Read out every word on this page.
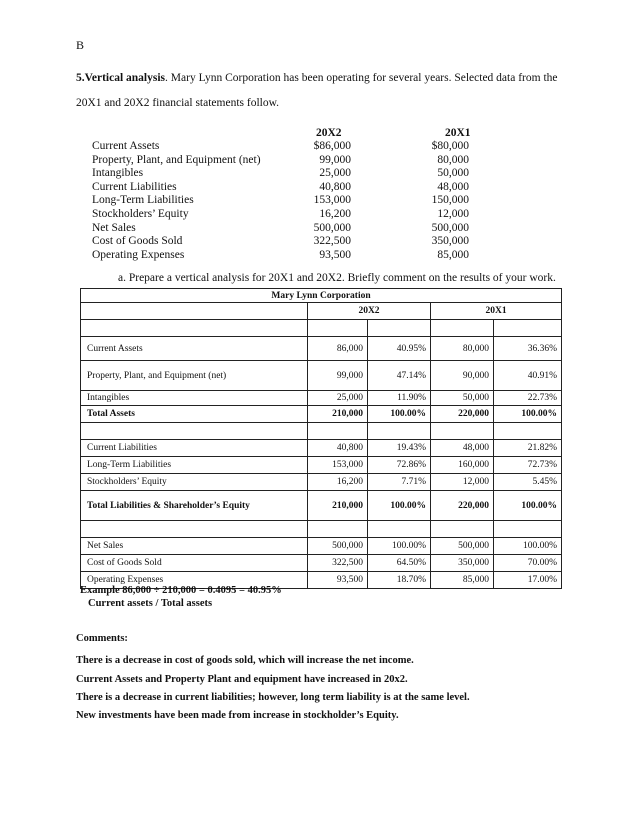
B
5.Vertical analysis. Mary Lynn Corporation has been operating for several years. Selected data from the
20X1 and 20X2 financial statements follow.
20X2	20X1
Current Assets	$86,000	$80,000
Property, Plant, and Equipment (net)	99,000	80,000
Intangibles	25,000	50,000
Current Liabilities	40,800	48,000
Long-Term Liabilities	153,000	150,000
Stockholders’ Equity	16,200	12,000
Net Sales	500,000	500,000
Cost of Goods Sold	322,500	350,000
Operating Expenses	93,500	85,000
a. Prepare a vertical analysis for 20X1 and 20X2. Briefly comment on the results of your work.
Mary Lynn Corporation				
	20X2		20X1	

Current Assets	86,000	40.95%	80,000	36.36%
Property, Plant, and Equipment (net)	99,000	47.14%	90,000	40.91%
Intangibles	25,000	11.90%	50,000	22.73%
Total Assets	210,000	100.00%	220,000	100.00%

Current Liabilities	40,800	19.43%	48,000	21.82%
Long-Term Liabilities	153,000	72.86%	160,000	72.73%
Stockholders’ Equity	16,200	7.71%	12,000	5.45%
Total Liabilities & Shareholder’s Equity	210,000	100.00%	220,000	100.00%

Net Sales	500,000	100.00%	500,000	100.00%
Cost of Goods Sold	322,500	64.50%	350,000	70.00%
Operating Expenses	93,500	18.70%	85,000	17.00%
Example 86,000 ÷ 210,000 = 0.4095 = 40.95%
Current assets / Total assets
Comments:
There is a decrease in cost of goods sold, which will increase the net income.
Current Assets and Property Plant and equipment have increased in 20x2.
There is a decrease in current liabilities; however, long term liability is at the same level.
New investments have been made from increase in stockholder’s Equity.
